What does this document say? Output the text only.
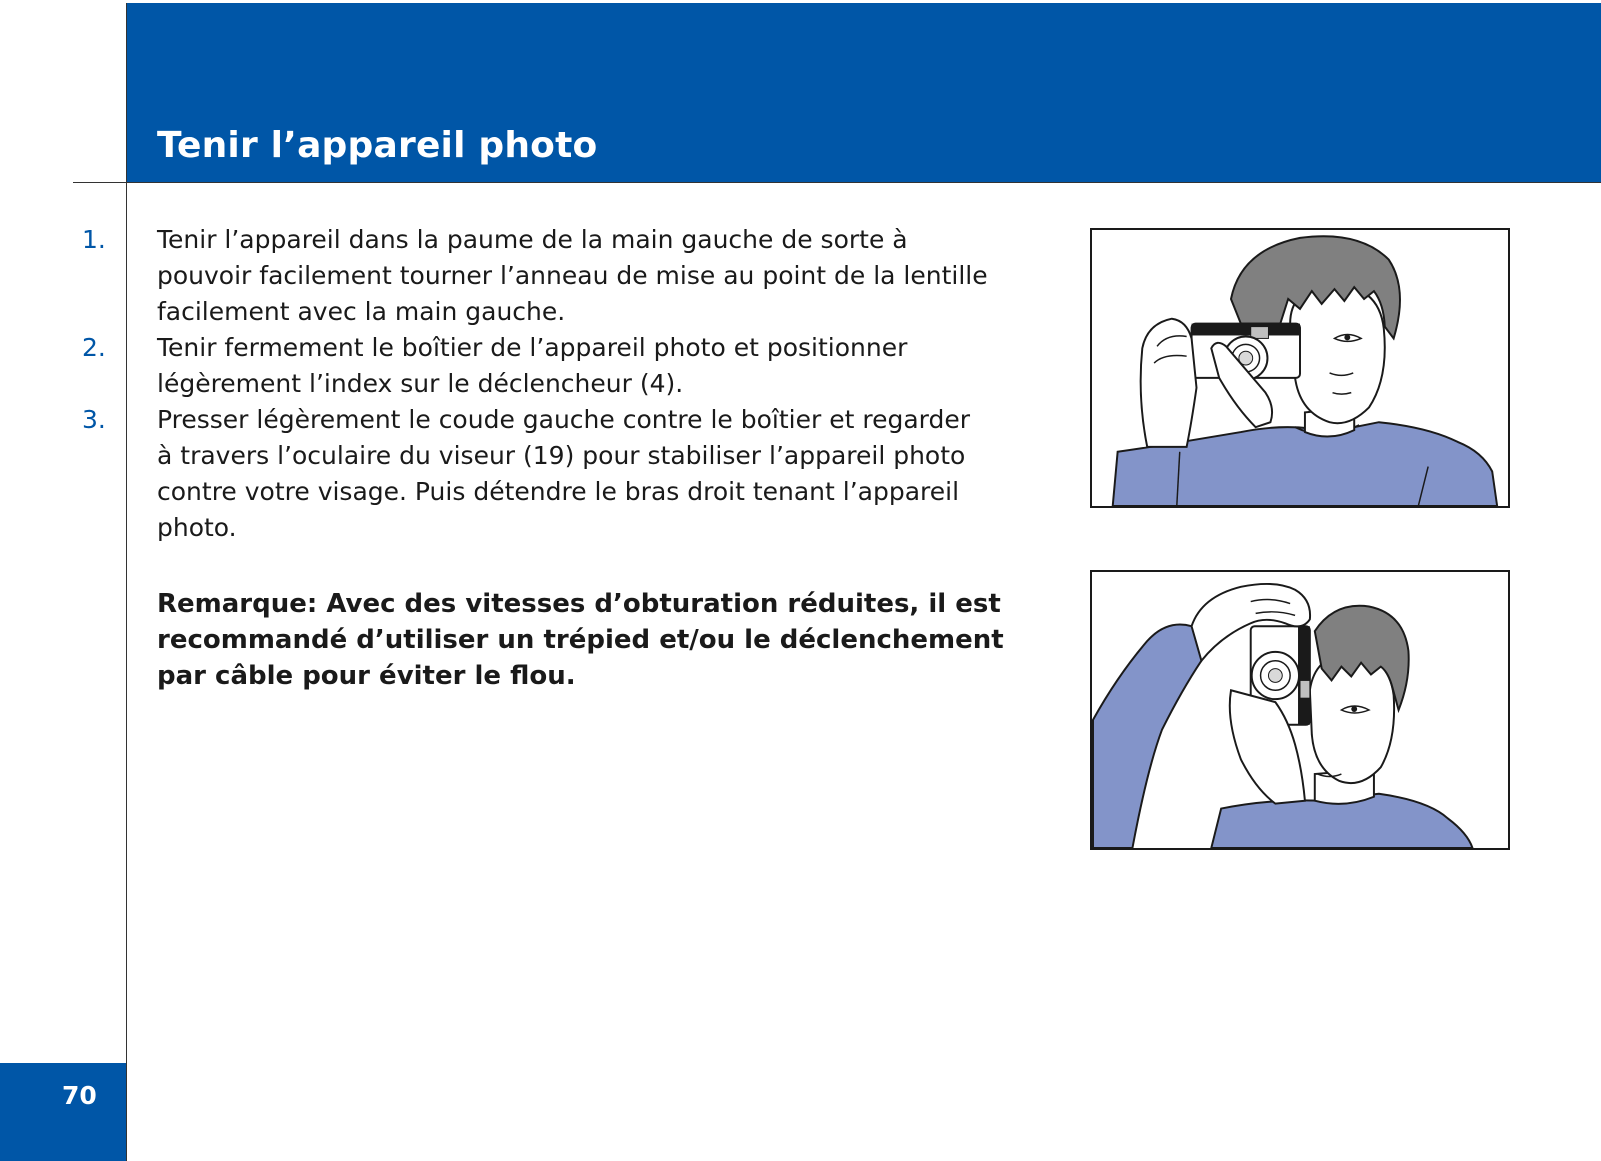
Tenir l’appareil photo
1.	Tenir l’appareil dans la paume de la main gauche de sorte à
pouvoir facilement tourner l’anneau de mise au point de la lentille
facilement avec la main gauche.

2.	Tenir fermement le boîtier de l’appareil photo et positionner
légèrement l’index sur le déclencheur (4).

3.	Presser légèrement le coude gauche contre le boîtier et regarder
à travers l’oculaire du viseur (19) pour stabiliser l’appareil photo
contre votre visage. Puis détendre le bras droit tenant l’appareil
photo.

Remarque: Avec des vitesses d’obturation réduites, il est
recommandé d’utiliser un trépied et/ou le déclenchement
par câble pour éviter le flou.

70
